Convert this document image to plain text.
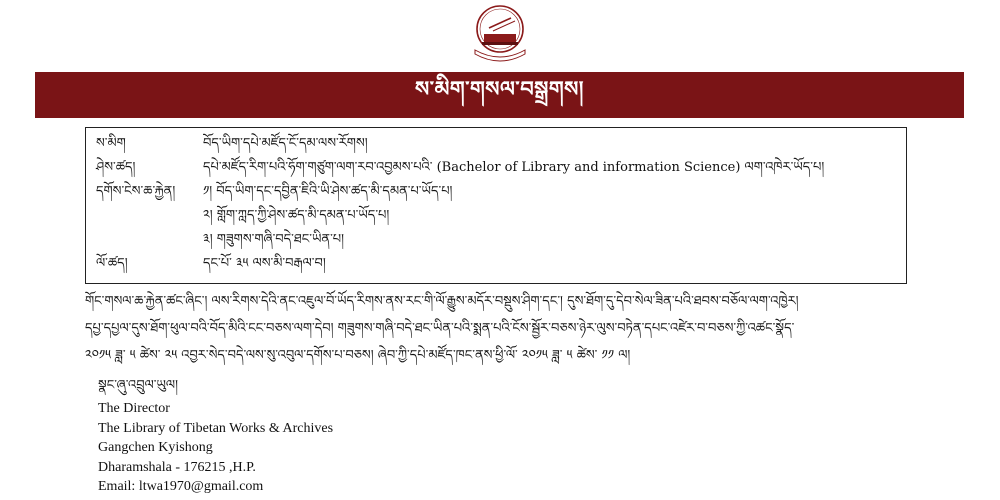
ས་མིག་གསལ་བསྒྲགས།
ས་མིག	བོད་ཡིག་དཔེ་མཛོད་ངོ་དམ་ལས་རོགས།
ཤེས་ཚད།	དཔེ་མཛོད་རིག་པའི་ཧོག་གཙུག་ལག་རབ་འབྱམས་པའི་ (Bachelor of Library and information Science) ལག་འཁེར་ཡོད་པ།
དགོས་ངེས་ཆ་རྐྱེན།	༡། བོད་ཡིག་དང་དབྱིན་ཇིའི་ཡི་ཤེས་ཚད་མི་དམན་པ་ཡོད་པ།
༢། གློག་ཀླད་ཀྱི་ཤེས་ཚད་མི་དམན་པ་ཡོད་པ།
༣། གཟུགས་གཞི་བདེ་ཐང་ཡིན་པ།
ལོ་ཚད།	དང་པོ་ ༣༥ ལས་མི་བརྒལ་བ།

གོང་གསལ་ཆ་རྐྱེན་ཚང་ཞིང་། ལས་རིགས་དེའི་ནང་འཇུལ་བོ་ཡོད་རིགས་ནས་རང་གི་ལོ་རྒྱུས་མདོར་བསྡུས་ཤིག་དང་། དུས་ཐོག་དུ་དེབ་སེལ་ཟིན་པའི་ཐབས་བཅོལ་ལག་འཁྱེར།

དཔྱ་དཔྱལ་དུས་ཐོག་ཕུལ་བའི་བོད་མིའི་ངང་བཅས་ལག་དེབ། གཟུགས་གཞི་བདེ་ཐང་ཡིན་པའི་སྨན་པའི་ངོས་སྦྱོར་བཅས་ཉེར་ལུས་བཏེན་དཔང་འཛེར་བ་བཅས་ཀྱི་འཚང་སྣོད་

༢༠༡༥ ཟླ་ ༥ ཚེས་ ༢༥ འབྱར་སེད་བདེ་ལས་སུ་འབུལ་དགོས་པ་བཅས། ཞེབ་ཀྱི་དཔེ་མཛོད་ཁང་ནས་ཕྱི་ལོ་ ༢༠༡༥ ཟླ་ ༥ ཚེས་ ༡༡ ལ།

སྣང་ཞུ་འབྲུལ་ཡུལ།
The Director
The Library of Tibetan Works & Archives
Gangchen Kyishong
Dharamshala - 176215 ,H.P.
Email: ltwa1970@gmail.com
